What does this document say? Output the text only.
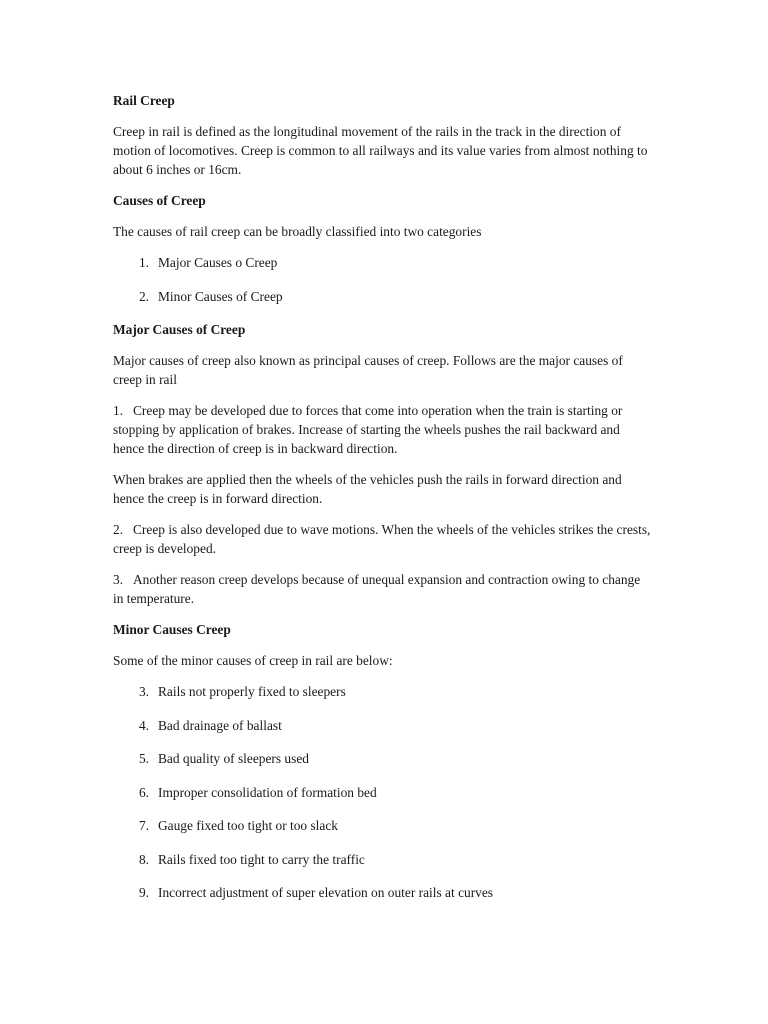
Rail Creep

Creep in rail is defined as the longitudinal movement of the rails in the track in the direction of motion of locomotives. Creep is common to all railways and its value varies from almost nothing to about 6 inches or 16cm.

Causes of Creep

The causes of rail creep can be broadly classified into two categories

1. Major Causes o Creep
2. Minor Causes of Creep
Major Causes of Creep

Major causes of creep also known as principal causes of creep. Follows are the major causes of creep in rail

1. Creep may be developed due to forces that come into operation when the train is starting or stopping by application of brakes. Increase of starting the wheels pushes the rail backward and hence the direction of creep is in backward direction.

When brakes are applied then the wheels of the vehicles push the rails in forward direction and hence the creep is in forward direction.

2. Creep is also developed due to wave motions. When the wheels of the vehicles strikes the crests, creep is developed.

3. Another reason creep develops because of unequal expansion and contraction owing to change in temperature.

Minor Causes Creep

Some of the minor causes of creep in rail are below:

3. Rails not properly fixed to sleepers
4. Bad drainage of ballast
5. Bad quality of sleepers used
6. Improper consolidation of formation bed
7. Gauge fixed too tight or too slack
8. Rails fixed too tight to carry the traffic
9. Incorrect adjustment of super elevation on outer rails at curves
